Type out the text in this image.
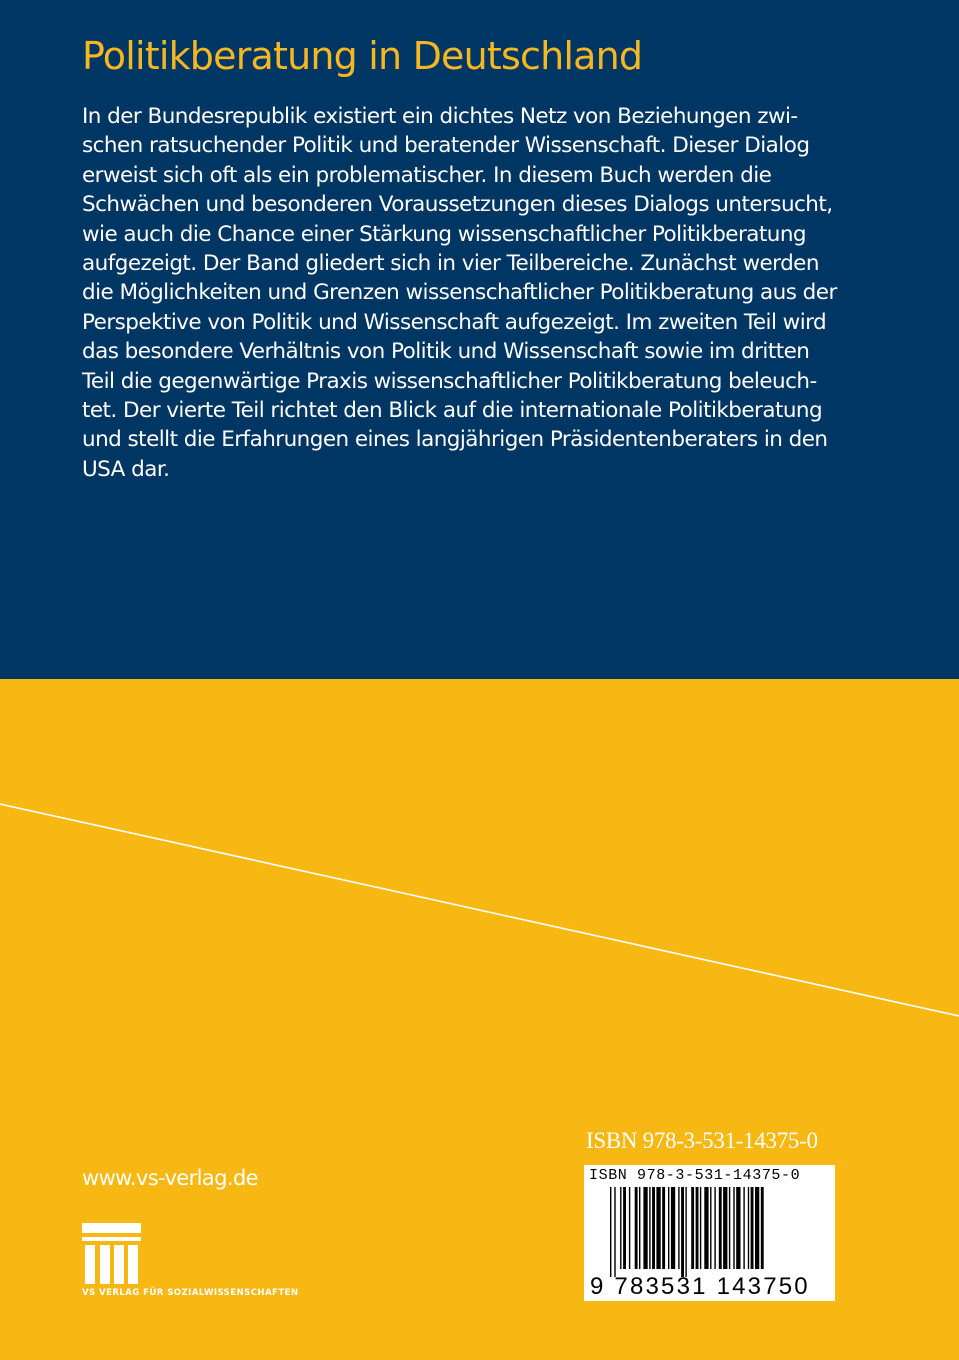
Politikberatung in Deutschland
In der Bundesrepublik existiert ein dichtes Netz von Beziehungen zwi-
schen ratsuchender Politik und beratender Wissenschaft. Dieser Dialog
erweist sich oft als ein problematischer. In diesem Buch werden die
Schwächen und besonderen Voraussetzungen dieses Dialogs untersucht,
wie auch die Chance einer Stärkung wissenschaftlicher Politikberatung
aufgezeigt. Der Band gliedert sich in vier Teilbereiche. Zunächst werden
die Möglichkeiten und Grenzen wissenschaftlicher Politikberatung aus der
Perspektive von Politik und Wissenschaft aufgezeigt. Im zweiten Teil wird
das besondere Verhältnis von Politik und Wissenschaft sowie im dritten
Teil die gegenwärtige Praxis wissenschaftlicher Politikberatung beleuch-
tet. Der vierte Teil richtet den Blick auf die internationale Politikberatung
und stellt die Erfahrungen eines langjährigen Präsidentenberaters in den
USA dar.
ISBN 978-3-531-14375-0
ISBN 978-3-531-14375-0
9 783531 143750
www.vs-verlag.de
VS VERLAG FÜR SOZIALWISSENSCHAFTEN
